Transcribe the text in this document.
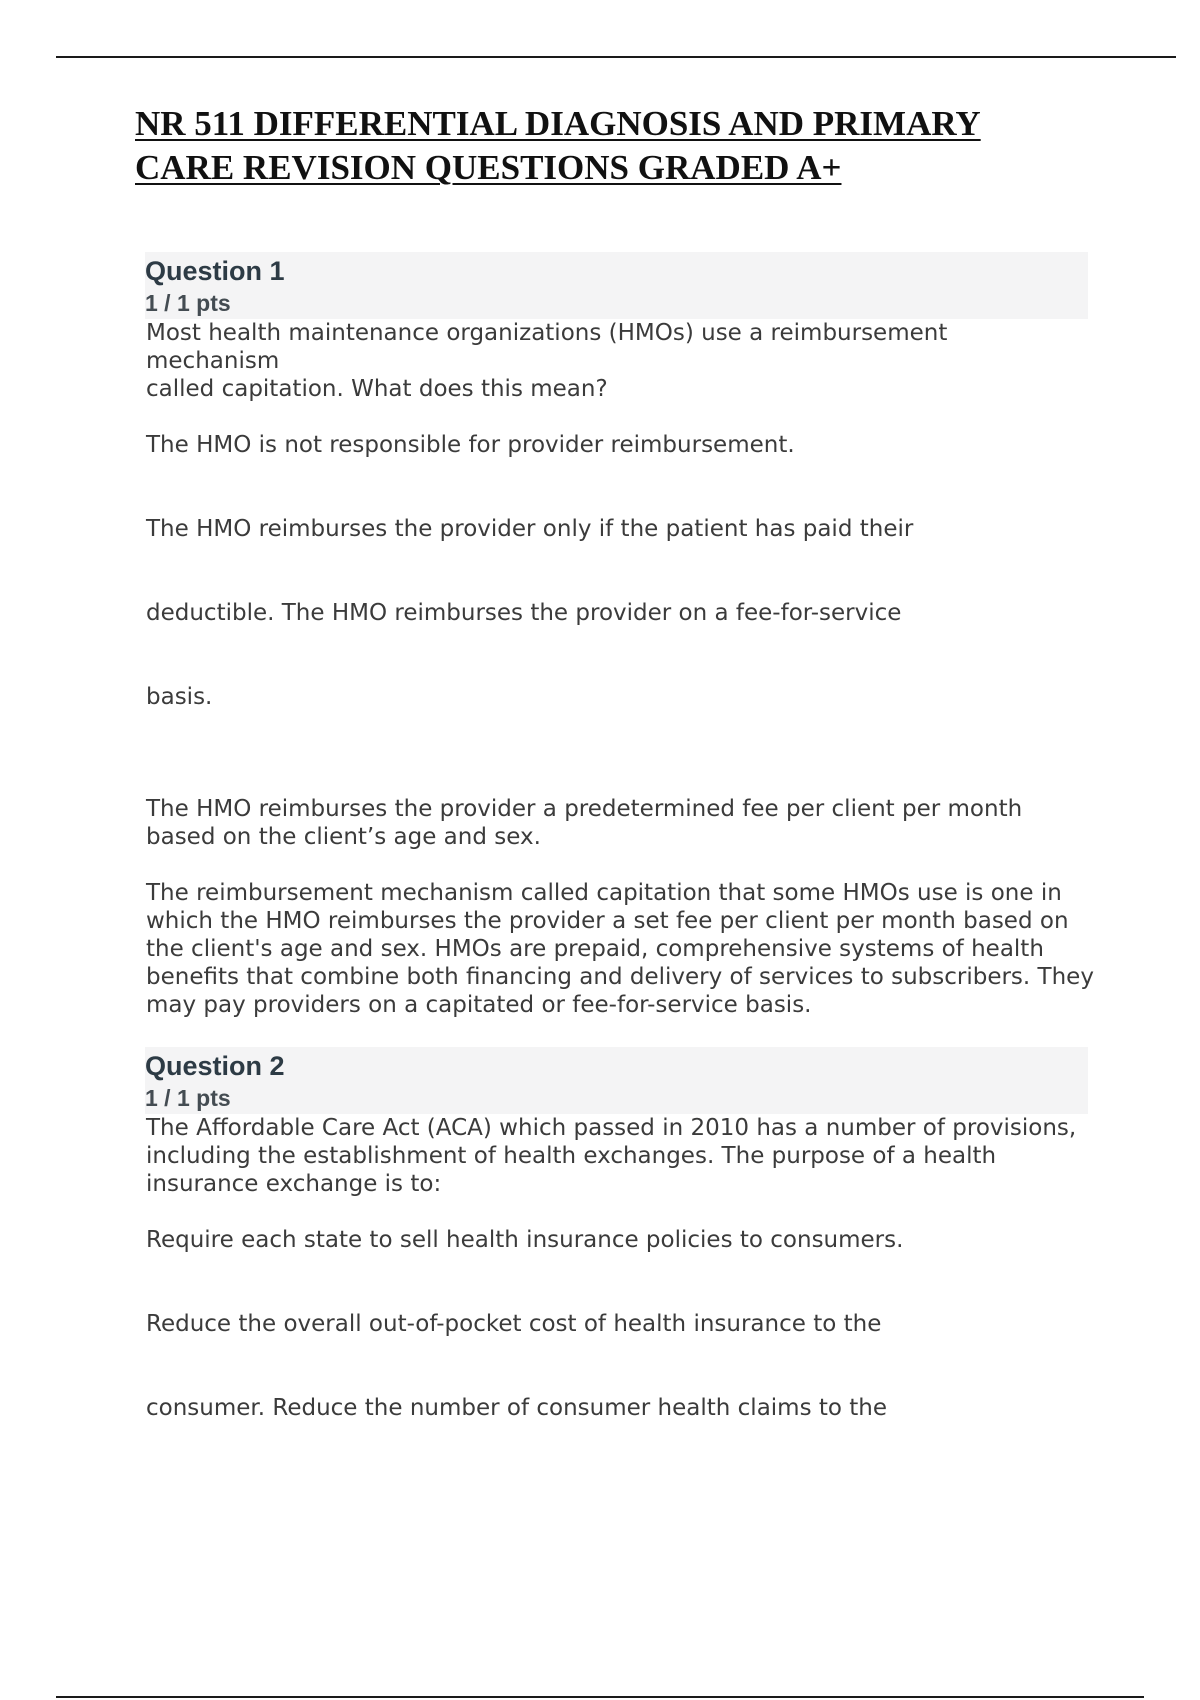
NR 511 DIFFERENTIAL DIAGNOSIS AND PRIMARY
CARE REVISION QUESTIONS GRADED A+
Question 1
1 / 1 pts

Most health maintenance organizations (HMOs) use a reimbursement
mechanism
called capitation. What does this mean?

The HMO is not responsible for provider reimbursement.

The HMO reimburses the provider only if the patient has paid their

deductible. The HMO reimburses the provider on a fee-for-service

basis.

The HMO reimburses the provider a predetermined fee per client per month based on the client’s age and sex.

The reimbursement mechanism called capitation that some HMOs use is one in which the HMO reimburses the provider a set fee per client per month based on the client's age and sex. HMOs are prepaid, comprehensive systems of health benefits that combine both financing and delivery of services to subscribers. They may pay providers on a capitated or fee-for-service basis.

Question 2
1 / 1 pts

The Affordable Care Act (ACA) which passed in 2010 has a number of provisions, including the establishment of health exchanges. The purpose of a health insurance exchange is to:

Require each state to sell health insurance policies to consumers.

Reduce the overall out-of-pocket cost of health insurance to the

consumer. Reduce the number of consumer health claims to the
